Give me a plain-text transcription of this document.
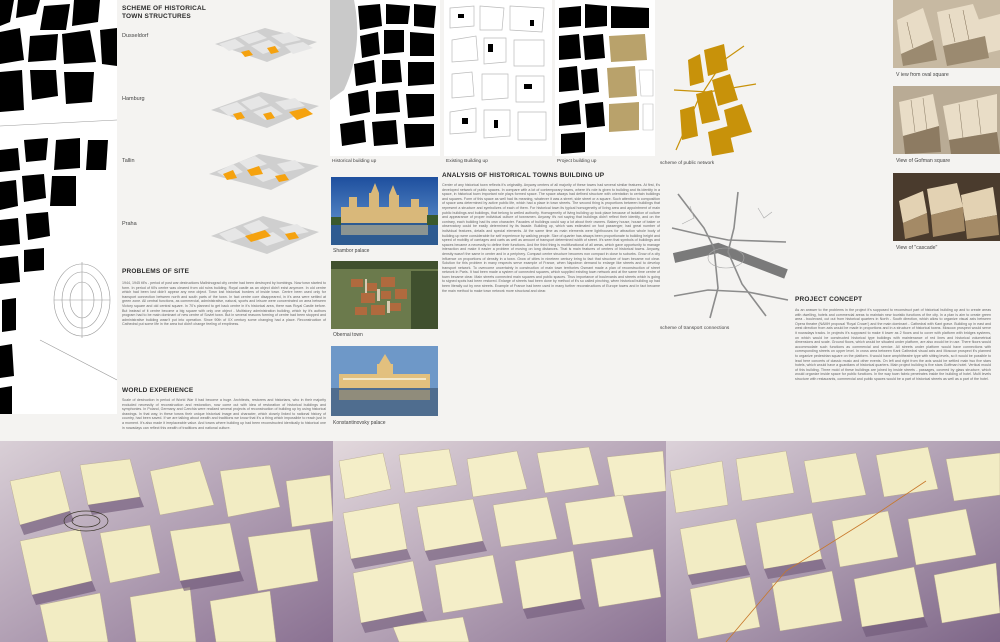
SCHEME OF HISTORICAL
TOWN STRUCTURES
Dusseldorf
Hamburg
Tallin
Praha
PROBLEMS OF SITE
1944, 1945 till's - period of post war destructions Mallninograd city centre had been destroyed by bombings. Now town started to form. In period of till's centre was cleared from old ruins building. Royal castle as an object didn't exist anymore. In old centre which had been lost didn't appear any new object. Town lost historical borders of inside town. Centre been used only for transport connection between north and south parts of the town. In fact centre core disappeared, in it's area were settled at green zone. All central functions, as commercial, administrative, natural, sports and leisure were concentrated on area between Victory square and old central square. In 70's planned to get back centre in it's historical area, there was Royal Castle before. But instead of it centre become a big square with only one object - Multistory administration building, which by it's authors program had to be main dominant of new centre of Soviet town. But in several reasons forming of centre had been stopped and administrative building wasn't put into operation. Since 90th of XX century some changing had a place. Reconstruction of Cathedral put some life in the area but didn't change feeling of emptiness.
WORLD EXPERIENCE
Scale of destruction in period of World War II had become a huge. Architects, restorers and historians, who in their majority excluded necessity of reconstruction and restoration, now come out with idea of restoration of historical buildings and symphonies. In Poland, Germany and Czechia were realized several projects of reconstruction of building up by using historical drawings. In that way, in these towns their unique historical image and character, which closely linked to national history of country, had been saved. If we are talking about wealth and traditions we know that it's a thing which impossible to reach just in a moment. It's also made it irreplaceable value. And towns where building up had been reconstructed identically to historical one in nowadays can reflect this wealth of traditions and national culture.
Historical building up	Existing Building up	Project building up	scheme of public network
Shambor palace
Obernai town
Konstantinovsky palace
ANALYSIS OF HISTORICAL TOWNS BUILDING UP
Center of any historical town reflects it's originality. Anyway centers of all majority of these towns had several similar features. At first, it's developed network of public spaces. In compare with a lot of contemporary towns, where it's role is given to building and its identity in a space, in historical town important role plays formed space. The space always had defined structure with orientation to certain buildings and squares. Form of this space as well had its meaning, whatever it was a street, side street or a square. Such attention to composition of space was determined by active public life, which had a place in town streets. The second thing is proportions between buildings that represent a structure and symbolizes of each of them. For historical town its typical homogeneity of living area and appointment of main public buildings and buildings, that belong to welled authority. Homogeneity of living building up took place because of isolation of culture and appearance of proper individual culture of townsmen. Anyway it's not saying that buildings didn't reflect their identity, and on the contrary, each building had its own character. Facades of buildings could say a lot about their owners. Bakery house, house of baker or observatory could be easily determined by its facade. Building up, which was estimated on foot passenger, had great number of individual features, details and special elements. At the same time as main elements were lighthouses for attraction whole body of building up were considerable for self experience by walking people. Size of quarter has always been proportionate to building height and speed of mobility of carriages and carts as well as amount of transport determined width of street. It's seen that symbols of buildings and spaces became a necessity to define their functions. And the third thing is multifunctional of all areas, which gave opportunity to manage interaction and make it easier a problem of moving on long distances. That is main features of centers of historical towns. Anyway, density wasn't the same in center and in a periphery. Compact centre structure becomes non compact in close to suburbs. Grow of a city influence on proportions of density in a town. Grow of cities in nineteen century bring to fact that structure of town became not clear. Solution for this problem in many respects serve example of France, when Napoleon demand to enlarge like streets and to develop transport network. To overcome uncertainty in construction of main town territories Osmant made a plan of reconstruction of street network in Paris. It had been made a system of connected squares, which supplied existing town network and at the same time centre of town became clear. Main streets connected main squares and public spaces. Thus importance of boulevards and streets which is going to signed spots had been restored. Enlarge of streets had been done by method of it's so called pinching, when historical building up had been literally cut by new streets. Example of France had been used in many further reconstructions of Europe towns and in fact became the main method to make town network more structural and clear.
scheme of transport connections
PROJECT CONCEPT
As an answer to the problems in the project it's supposed to reconstruct part of historical building up and to create areas with dwelling, hotels and commercial areas to maintain new touristic functions of the city. In a plan is aim to create green area - boulevard, cut out from historical quarters in North - South direction, which allow to organize visual axis between Opera theatre (NAMH proposal 'Royal Crown') and the main dominant - Cathedral with Kant grave. Building up in east and west direction from axis would be made in proportions and in a structure of historical towns. Moscow prospect would serve it nowadays tracks. In projects it's supposed to make it lower as 2 floors and to cover with platform with bridges systems, on which would be constructed historical type buildings with maintenance of red lines and historical volumetrical dimensions and scale. Ground floors, which would be situated under platform, are also would be in use. There floors would accommodate such functions as commercial and service. All streets under platform would have connections with corresponding streets on upper level. In cross area between Kant Cathedral visual axis and Moscow prospect it's planned to organize pedestrian square on the platform. It would have amphitheatre type with sitting levels, so it would be possible to lead here concerts of classic music and other events. On left and right from the axis would be settled main two five stars hotels, which would have a guardians of historical quarters. Main project building is five stars Goffman hotel. Vertical mould of this building. Three mold of these buildings are joined by inside streets - passages, covered by glass structure, which would organize inside space for public functions. In the way town fabric penetrates inside the building of hotel. Multi levels structure with restaurants, commercial and public spaces would be a part of historical streets as well as a part of the hotel.
V iew from oval square
View of Gofman square
View of "cascade"
